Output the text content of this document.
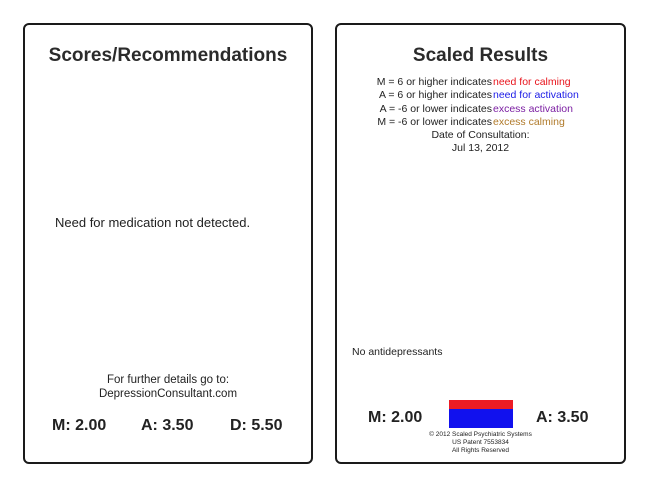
Scores/Recommendations
Need for medication not detected.
For further details go to:
DepressionConsultant.com
M: 2.00 A: 3.50 D: 5.50
Scaled Results
M = 6 or higher indicates need for calming
A = 6 or higher indicates need for activation
A = -6 or lower indicates excess activation
M = -6 or lower indicates excess calming
Date of Consultation:
Jul 13, 2012
No antidepressants
M: 2.00	A: 3.50
© 2012 Scaled Psychiatric Systems
US Patent 7553834
All Rights Reserved
